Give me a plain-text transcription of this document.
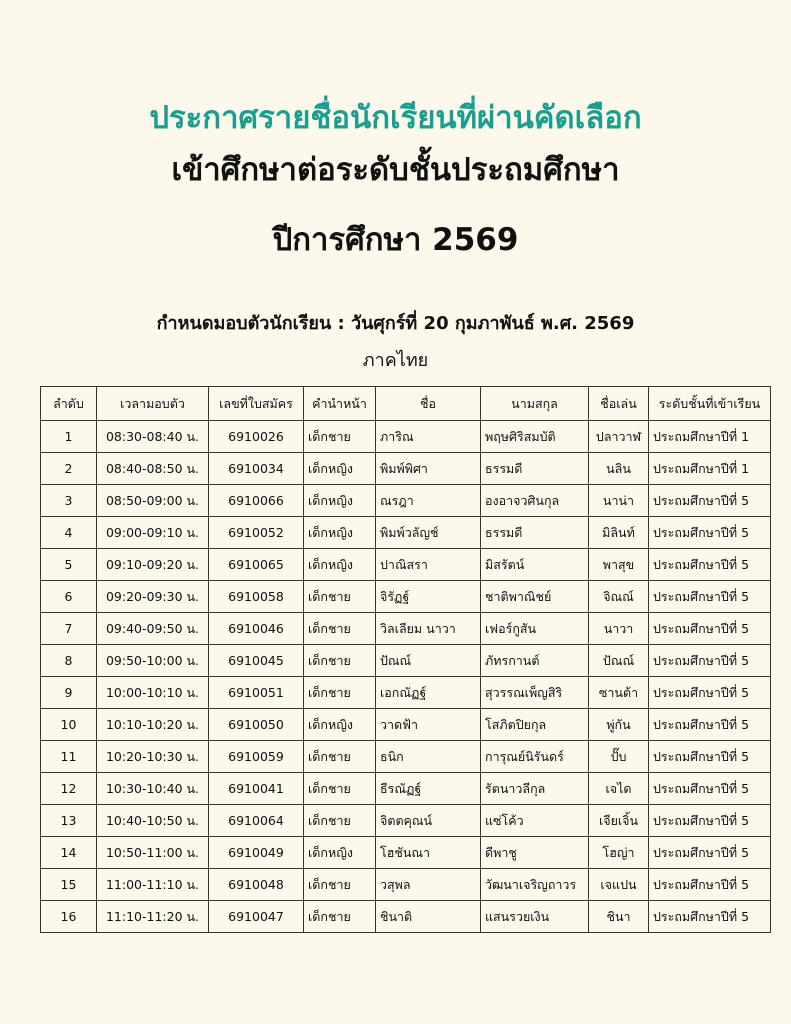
ประกาศรายชื่อนักเรียนที่ผ่านคัดเลือก
เข้าศึกษาต่อระดับชั้นประถมศึกษา
ปีการศึกษา 2569
กำหนดมอบตัวนักเรียน : วันศุกร์ที่ 20 กุมภาพันธ์ พ.ศ. 2569
ภาคไทย
ลำดับ	เวลามอบตัว	เลขที่ใบสมัคร	คำนำหน้า	ชื่อ	นามสกุล	ชื่อเล่น	ระดับชั้นที่เข้าเรียน
1	08:30-08:40 น.	6910026	เด็กชาย	ภาริณ	พฤษศิริสมบัติ	ปลาวาฬ	ประถมศึกษาปีที่ 1
2	08:40-08:50 น.	6910034	เด็กหญิง	พิมพ์พิศา	ธรรมดี	นลิน	ประถมศึกษาปีที่ 1
3	08:50-09:00 น.	6910066	เด็กหญิง	ณรฎา	องอาจวศินกุล	นาน่า	ประถมศึกษาปีที่ 5
4	09:00-09:10 น.	6910052	เด็กหญิง	พิมพ์วลัญช์	ธรรมดี	มิลินท์	ประถมศึกษาปีที่ 5
5	09:10-09:20 น.	6910065	เด็กหญิง	ปาณิสรา	มิสรัตน์	พาสุข	ประถมศึกษาปีที่ 5
6	09:20-09:30 น.	6910058	เด็กชาย	จิรัฏฐ์	ชาติพาณิชย์	จิณณ์	ประถมศึกษาปีที่ 5
7	09:40-09:50 น.	6910046	เด็กชาย	วิลเลียม นาวา	เฟอร์กูสัน	นาวา	ประถมศึกษาปีที่ 5
8	09:50-10:00 น.	6910045	เด็กชาย	ปัณณ์	ภัทรกานต์	ปัณณ์	ประถมศึกษาปีที่ 5
9	10:00-10:10 น.	6910051	เด็กชาย	เอกณัฏฐ์	สุวรรณเพ็ญสิริ	ซานต้า	ประถมศึกษาปีที่ 5
10	10:10-10:20 น.	6910050	เด็กหญิง	วาดฟ้า	โสภิตปิยกุล	พู่กัน	ประถมศึกษาปีที่ 5
11	10:20-10:30 น.	6910059	เด็กชาย	ธนิก	การุณย์นิรันดร์	ปั๊บ	ประถมศึกษาปีที่ 5
12	10:30-10:40 น.	6910041	เด็กชาย	ธีรณัฏฐ์	รัตนาวลีกุล	เจได	ประถมศึกษาปีที่ 5
13	10:40-10:50 น.	6910064	เด็กชาย	จิตตคุณน์	แซ่โค้ว	เจียเจิ้น	ประถมศึกษาปีที่ 5
14	10:50-11:00 น.	6910049	เด็กหญิง	โฮชันณา	ดีพาชู	โฮญ่า	ประถมศึกษาปีที่ 5
15	11:00-11:10 น.	6910048	เด็กชาย	วสุพล	วัฒนาเจริญถาวร	เจแปน	ประถมศึกษาปีที่ 5
16	11:10-11:20 น.	6910047	เด็กชาย	ชินาติ	แสนรวยเงิน	ชินา	ประถมศึกษาปีที่ 5
